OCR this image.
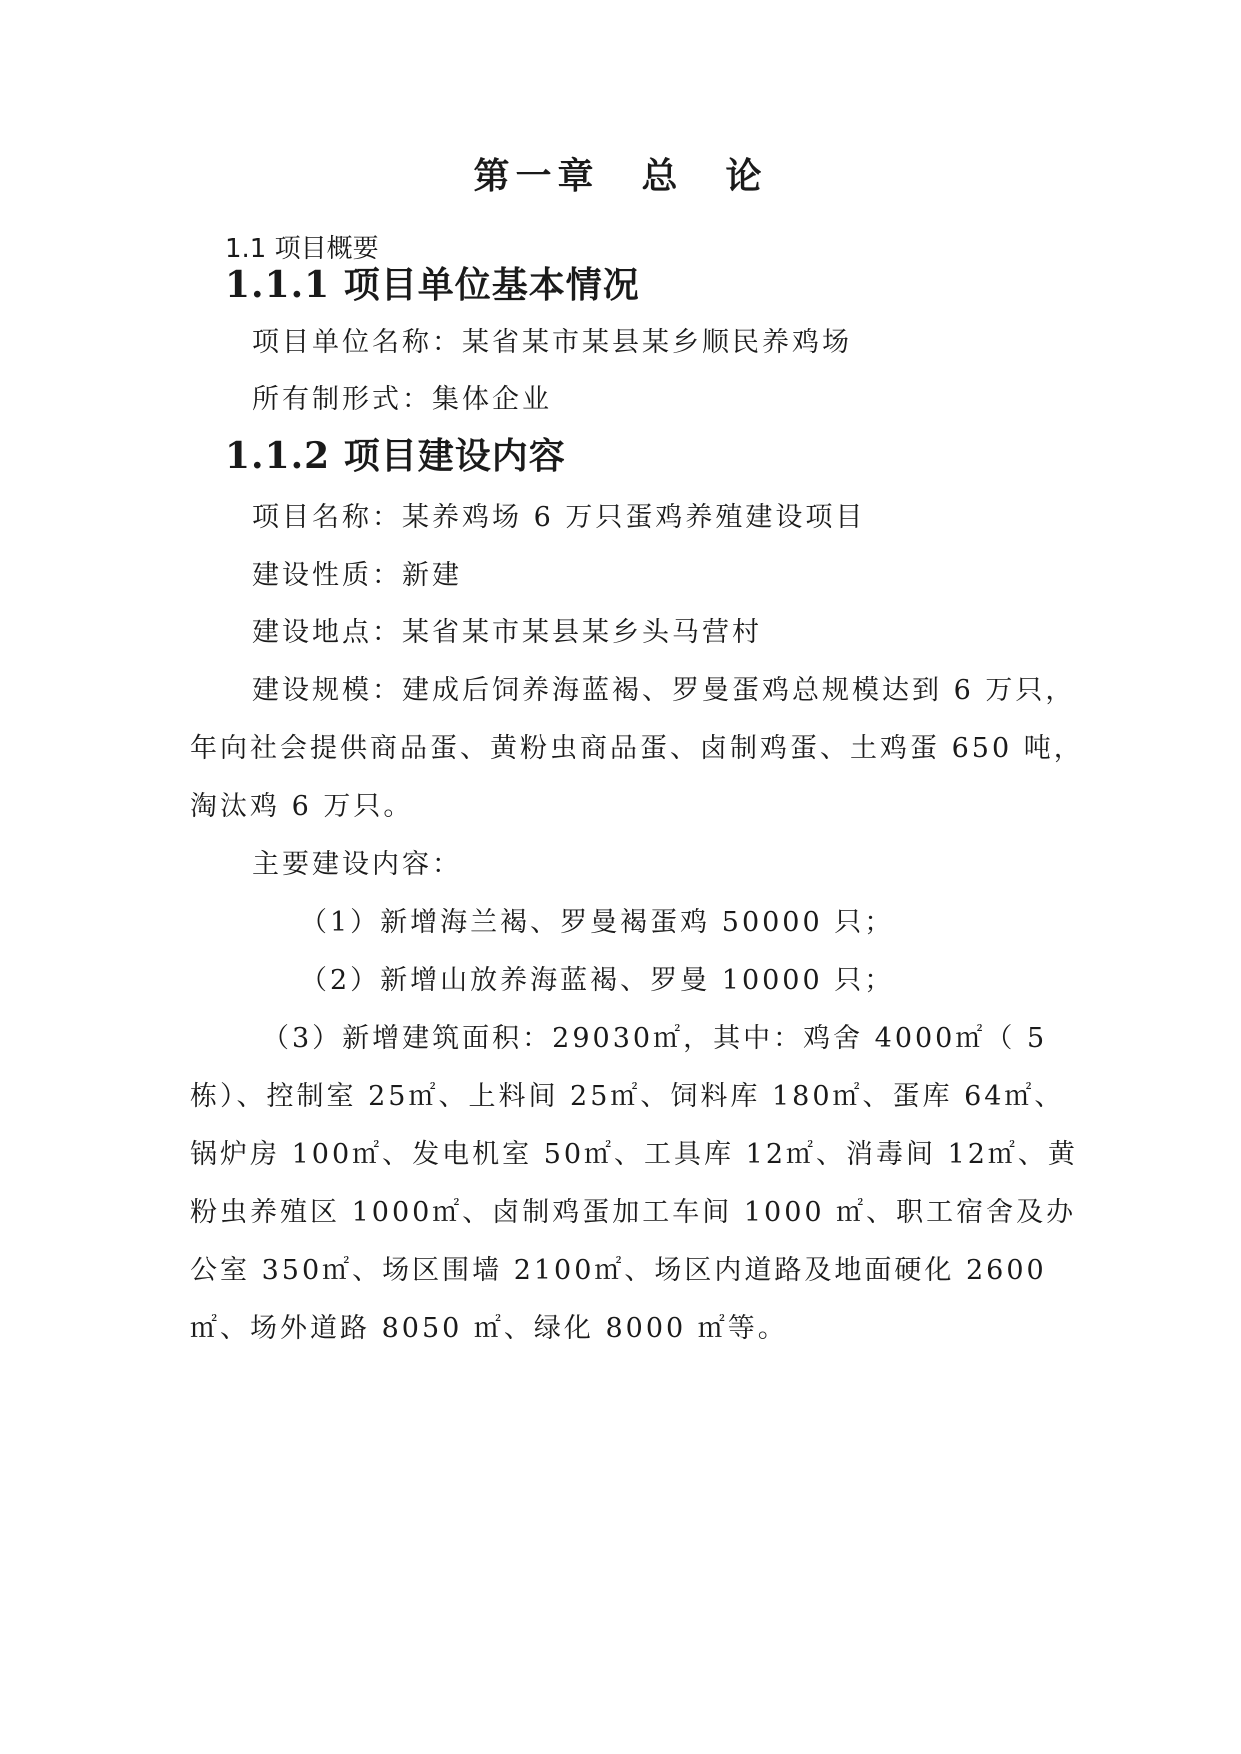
第一章　总　论

1.1 项目概要

1.1.1 项目单位基本情况

项目单位名称：某省某市某县某乡顺民养鸡场

所有制形式：集体企业

1.1.2 项目建设内容

项目名称：某养鸡场 6 万只蛋鸡养殖建设项目

建设性质：新建

建设地点：某省某市某县某乡头马营村

建设规模：建成后饲养海蓝褐、罗曼蛋鸡总规模达到 6 万只，

年向社会提供商品蛋、黄粉虫商品蛋、卤制鸡蛋、土鸡蛋 650 吨，

淘汰鸡 6 万只。

主要建设内容：

（1）新增海兰褐、罗曼褐蛋鸡 50000 只；

（2）新增山放养海蓝褐、罗曼 10000 只；

（3）新增建筑面积：29030㎡，其中：鸡舍 4000㎡（ 5

栋）、控制室 25㎡、上料间 25㎡、饲料库 180㎡、蛋库 64㎡、

锅炉房 100㎡、发电机室 50㎡、工具库 12㎡、消毒间 12㎡、黄

粉虫养殖区 1000㎡、卤制鸡蛋加工车间 1000 ㎡、职工宿舍及办

公室 350㎡、场区围墙 2100㎡、场区内道路及地面硬化 2600

㎡、场外道路 8050 ㎡、绿化 8000 ㎡等。
